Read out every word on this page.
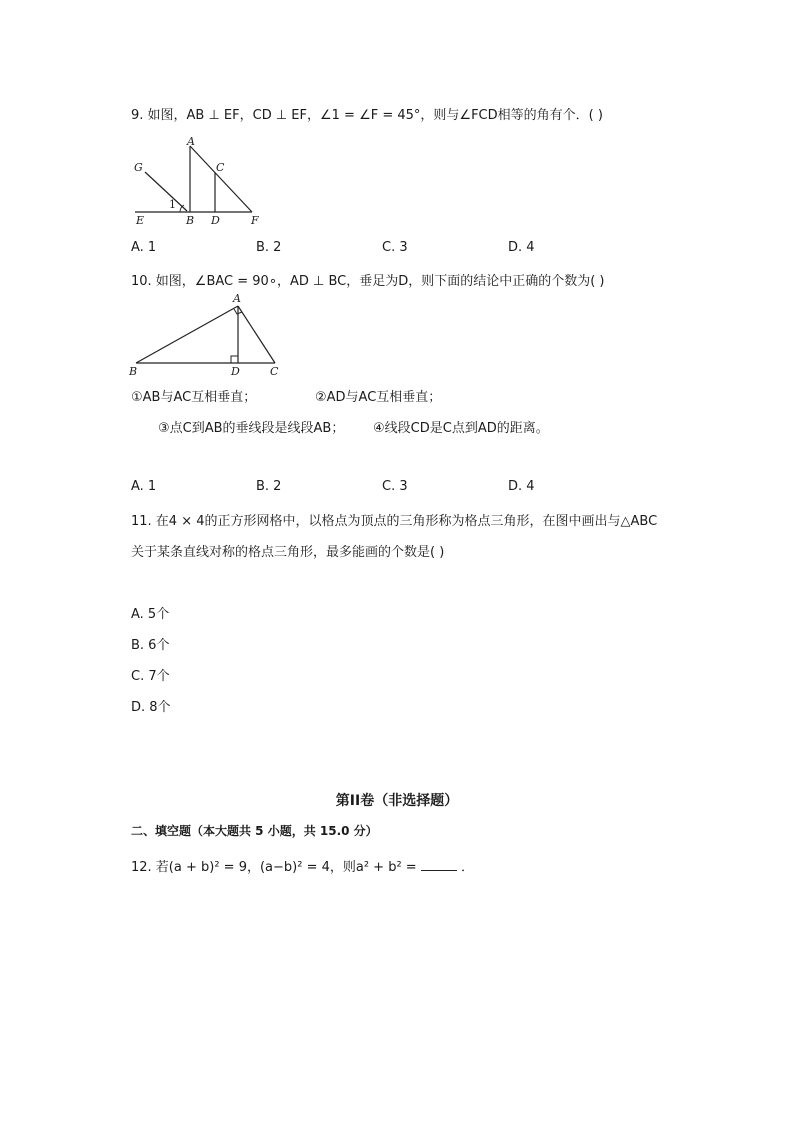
9. 如图，AB ⊥ EF，CD ⊥ EF，∠1 = ∠F = 45°，则与∠FCD相等的角有个．( )
G
A
C
1
E	B D	F
A. 1	B. 2	C. 3	D. 4
10. 如图，∠BAC = 90∘，AD ⊥ BC，垂足为D，则下面的结论中正确的个数为( )
A
B	D	C
①AB与AC互相垂直；	②AD与AC互相垂直；
③点C到AB的垂线段是线段AB； ④线段CD是C点到AD的距离。
A. 1	B. 2	C. 3	D. 4
11. 在4 × 4的正方形网格中，以格点为顶点的三角形称为格点三角形，在图中画出与△ABC
关于某条直线对称的格点三角形，最多能画的个数是( )
A. 5个
B. 6个
C. 7个
D. 8个
第II卷（非选择题）
二、填空题（本大题共 5 小题，共 15.0 分）
12. 若(a + b)² = 9，(a−b)² = 4，则a² + b² =	．
